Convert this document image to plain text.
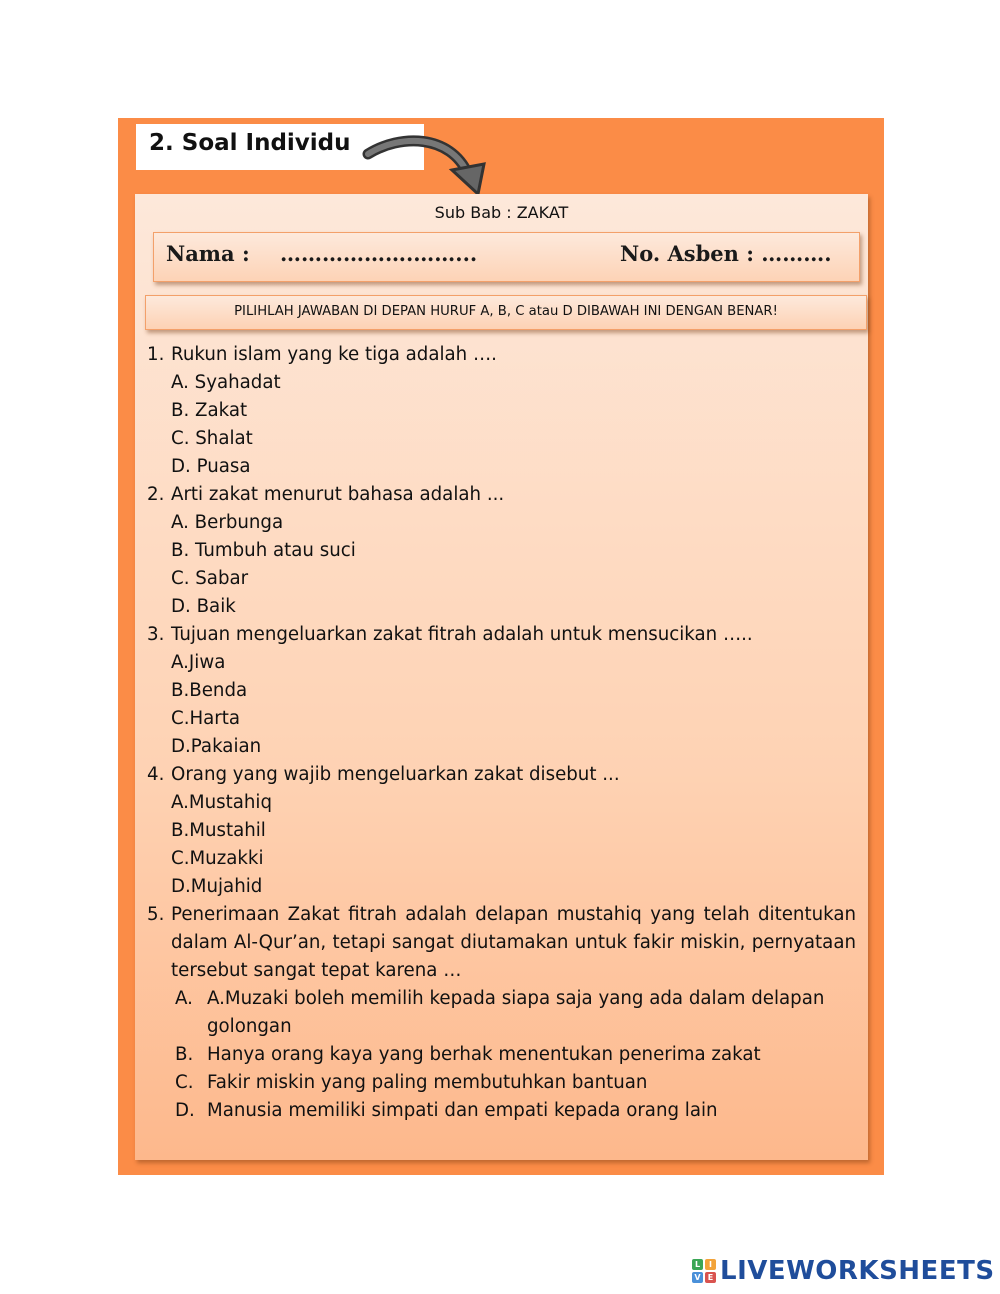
2. Soal Individu
Sub Bab : ZAKAT
Nama : ……………….……...	No. Asben : ……….
PILIHLAH JAWABAN DI DEPAN HURUF A, B, C atau D DIBAWAH INI DENGAN BENAR!
1. Rukun islam yang ke tiga adalah ….
A. Syahadat
B. Zakat
C. Shalat
D. Puasa
2. Arti zakat menurut bahasa adalah ...
A. Berbunga
B. Tumbuh atau suci
C. Sabar
D. Baik
3. Tujuan mengeluarkan zakat fitrah adalah untuk mensucikan …..
A.Jiwa
B.Benda
C.Harta
D.Pakaian
4. Orang yang wajib mengeluarkan zakat disebut ...
A.Mustahiq
B.Mustahil
C.Muzakki
D.Mujahid
5. Penerimaan Zakat fitrah adalah delapan mustahiq yang telah ditentukan dalam Al-Qur’an, tetapi sangat diutamakan untuk fakir miskin, pernyataan tersebut sangat tepat karena …
A. A.Muzaki boleh memilih kepada siapa saja yang ada dalam delapan golongan
B. Hanya orang kaya yang berhak menentukan penerima zakat
C. Fakir miskin yang paling membutuhkan bantuan
D. Manusia memiliki simpati dan empati kepada orang lain
L	I
V E LIVEWORKSHEETS
